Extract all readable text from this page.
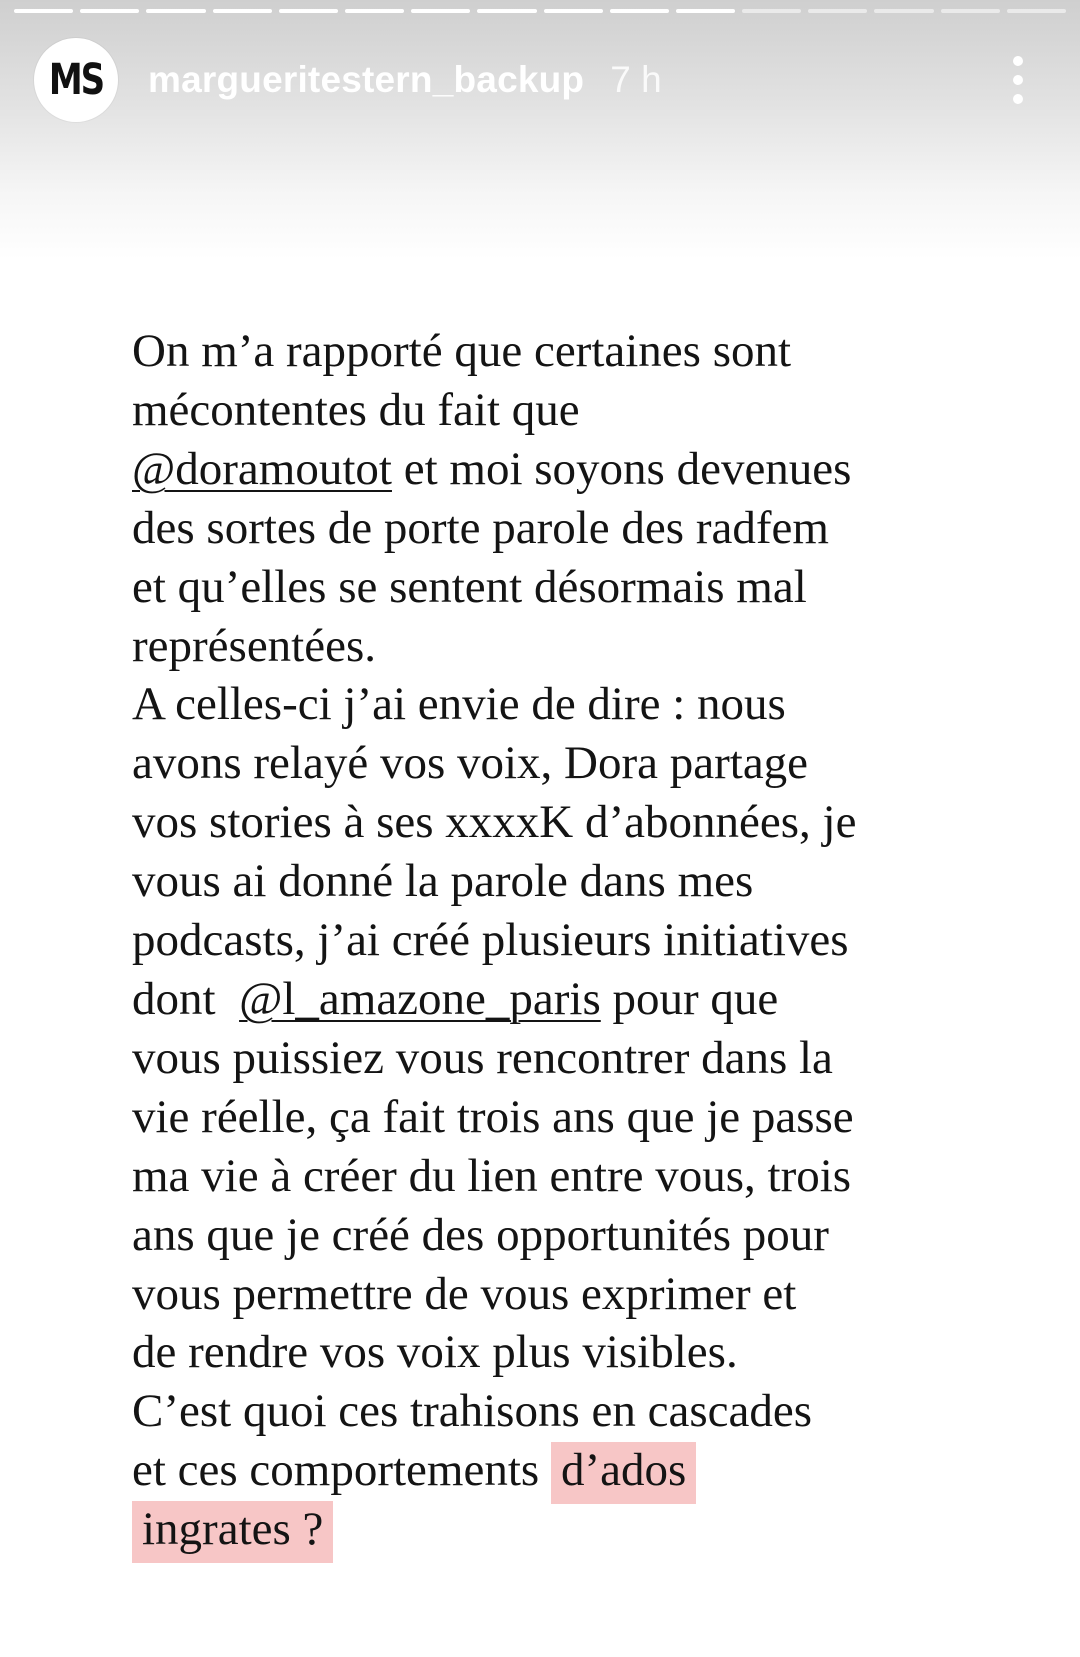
MS margueritestern_backup 7 h
On m’a rapporté que certaines sont
mécontentes du fait que
@doramoutot et moi soyons devenues
des sortes de porte parole des radfem
et qu’elles se sentent désormais mal
représentées.
A celles-ci j’ai envie de dire : nous
avons relayé vos voix, Dora partage
vos stories à ses xxxxK d’abonnées, je
vous ai donné la parole dans mes
podcasts, j’ai créé plusieurs initiatives
dont  @l_amazone_paris pour que
vous puissiez vous rencontrer dans la
vie réelle, ça fait trois ans que je passe
ma vie à créer du lien entre vous, trois
ans que je créé des opportunités pour
vous permettre de vous exprimer et
de rendre vos voix plus visibles.
C’est quoi ces trahisons en cascades
et ces comportements d’ados
ingrates ?
